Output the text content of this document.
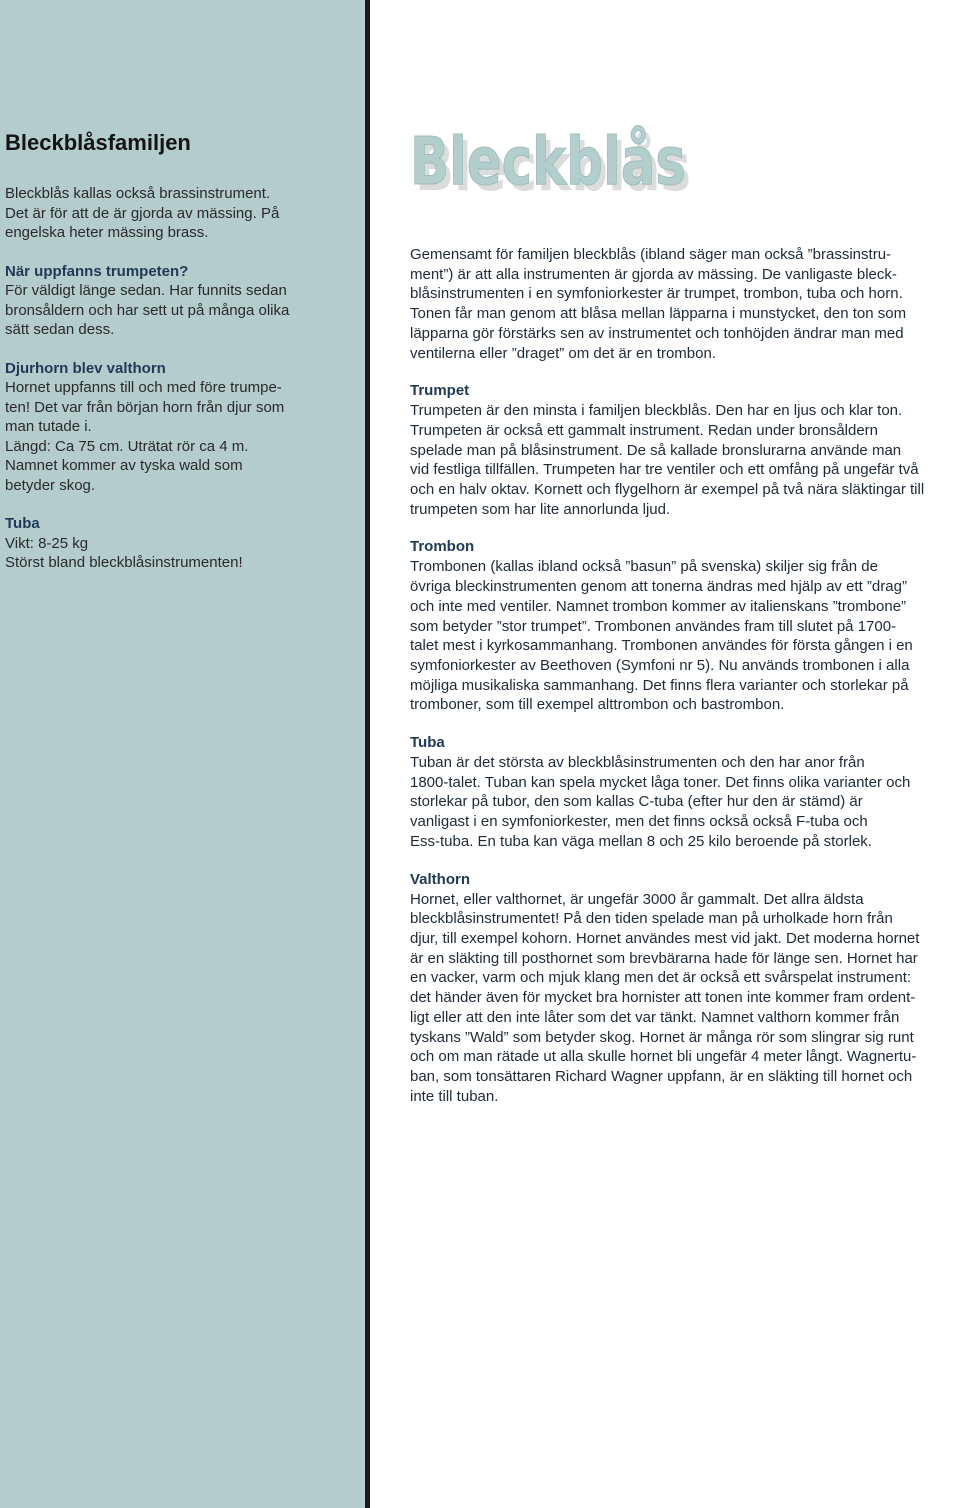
Bleckblåsfamiljen

Bleckblås kallas också brassinstrument.

Det är för att de är gjorda av mässing. På

engelska heter mässing brass.

När uppfanns trumpeten?

För väldigt länge sedan. Har funnits sedan

bronsåldern och har sett ut på många olika

sätt sedan dess.

Djurhorn blev valthorn

Hornet uppfanns till och med före trumpe-

ten! Det var från början horn från djur som

man tutade i.

Längd: Ca 75 cm. Uträtat rör ca 4 m.

Namnet kommer av tyska wald som

betyder skog.

Tuba

Vikt: 8-25 kg

Störst bland bleckblåsinstrumenten!

Bleckblås
Bleckblås

Gemensamt för familjen bleckblås (ibland säger man också ”brassinstru-

ment”) är att alla instrumenten är gjorda av mässing. De vanligaste bleck-

blåsinstrumenten i en symfoniorkester är trumpet, trombon, tuba och horn.

Tonen får man genom att blåsa mellan läpparna i munstycket, den ton som

läpparna gör förstärks sen av instrumentet och tonhöjden ändrar man med

ventilerna eller ”draget” om det är en trombon.

Trumpet

Trumpeten är den minsta i familjen bleckblås. Den har en ljus och klar ton.

Trumpeten är också ett gammalt instrument. Redan under bronsåldern

spelade man på blåsinstrument. De så kallade bronslurarna använde man

vid festliga tillfällen. Trumpeten har tre ventiler och ett omfång på ungefär två

och en halv oktav. Kornett och flygelhorn är exempel på två nära släktingar till

trumpeten som har lite annorlunda ljud.

Trombon

Trombonen (kallas ibland också ”basun” på svenska) skiljer sig från de

övriga bleckinstrumenten genom att tonerna ändras med hjälp av ett ”drag”

och inte med ventiler. Namnet trombon kommer av italienskans ”trombone”

som betyder ”stor trumpet”. Trombonen användes fram till slutet på 1700-

talet mest i kyrkosammanhang. Trombonen användes för första gången i en

symfoniorkester av Beethoven (Symfoni nr 5). Nu används trombonen i alla

möjliga musikaliska sammanhang. Det finns flera varianter och storlekar på

tromboner, som till exempel alttrombon och bastrombon.

Tuba

Tuban är det största av bleckblåsinstrumenten och den har anor från

1800-talet. Tuban kan spela mycket låga toner. Det finns olika varianter och

storlekar på tubor, den som kallas C-tuba (efter hur den är stämd) är

vanligast i en symfoniorkester, men det finns också också F-tuba och

Ess-tuba. En tuba kan väga mellan 8 och 25 kilo beroende på storlek.

Valthorn

Hornet, eller valthornet, är ungefär 3000 år gammalt. Det allra äldsta

bleckblåsinstrumentet! På den tiden spelade man på urholkade horn från

djur, till exempel kohorn. Hornet användes mest vid jakt. Det moderna hornet

är en släkting till posthornet som brevbärarna hade för länge sen. Hornet har

en vacker, varm och mjuk klang men det är också ett svårspelat instrument:

det händer även för mycket bra hornister att tonen inte kommer fram ordent-

ligt eller att den inte låter som det var tänkt. Namnet valthorn kommer från

tyskans ”Wald” som betyder skog. Hornet är många rör som slingrar sig runt

och om man rätade ut alla skulle hornet bli ungefär 4 meter långt. Wagnertu-

ban, som tonsättaren Richard Wagner uppfann, är en släkting till hornet och

inte till tuban.
